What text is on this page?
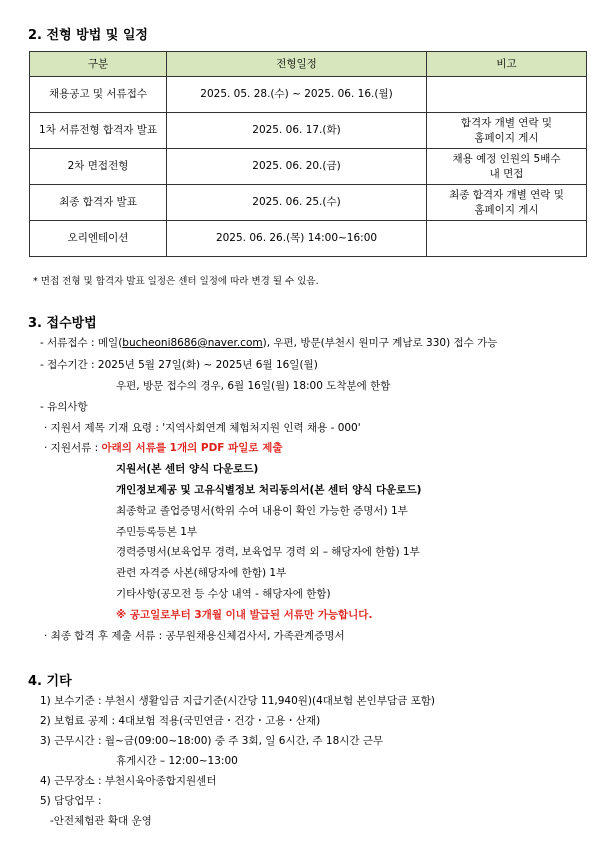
2. 전형 방법 및 일정
구분	전형일정	비고
채용공고 및 서류접수	2025. 05. 28.(수) ~ 2025. 06. 16.(월)	
1차 서류전형 합격자 발표	2025. 06. 17.(화)	합격자 개별 연락 및
홈페이지 게시

2차 면접전형	2025. 06. 20.(금)	채용 예정 인원의 5배수
내 면접

최종 합격자 발표	2025. 06. 25.(수)	최종 합격자 개별 연락 및
홈페이지 게시

오리엔테이션	2025. 06. 26.(목) 14:00~16:00	
* 면접 전형 및 합격자 발표 일정은 센터 일정에 따라 변경 될 수 있음.
3. 접수방법
- 서류접수 : 메일(bucheoni8686@naver.com), 우편, 방문(부천시 원미구 계남로 330) 접수 가능
- 접수기간 : 2025년 5월 27일(화) ~ 2025년 6월 16일(월)
우편, 방문 접수의 경우, 6월 16일(월) 18:00 도착분에 한함
- 유의사항
· 지원서 제목 기재 요령 : '지역사회연계 체험처지원 인력 채용 - 000'
· 지원서류 : 아래의 서류를 1개의 PDF 파일로 제출
지원서(본 센터 양식 다운로드)
개인정보제공 및 고유식별정보 처리동의서(본 센터 양식 다운로드)
최종학교 졸업증명서(학위 수여 내용이 확인 가능한 증명서) 1부
주민등록등본 1부
경력증명서(보육업무 경력, 보육업무 경력 외 – 해당자에 한함) 1부
관련 자격증 사본(해당자에 한함) 1부
기타사항(공모전 등 수상 내역 - 해당자에 한함)
※ 공고일로부터 3개월 이내 발급된 서류만 가능합니다.
· 최종 합격 후 제출 서류 : 공무원채용신체검사서, 가족관계증명서
4. 기타
1) 보수기준 : 부천시 생활임금 지급기준(시간당 11,940원)(4대보험 본인부담금 포함)
2) 보험료 공제 : 4대보험 적용(국민연금・건강・고용・산재)
3) 근무시간 : 월~금(09:00~18:00) 중 주 3회, 일 6시간, 주 18시간 근무
휴게시간 – 12:00~13:00
4) 근무장소 : 부천시육아종합지원센터
5) 담당업무 :
-안전체험관 확대 운영
